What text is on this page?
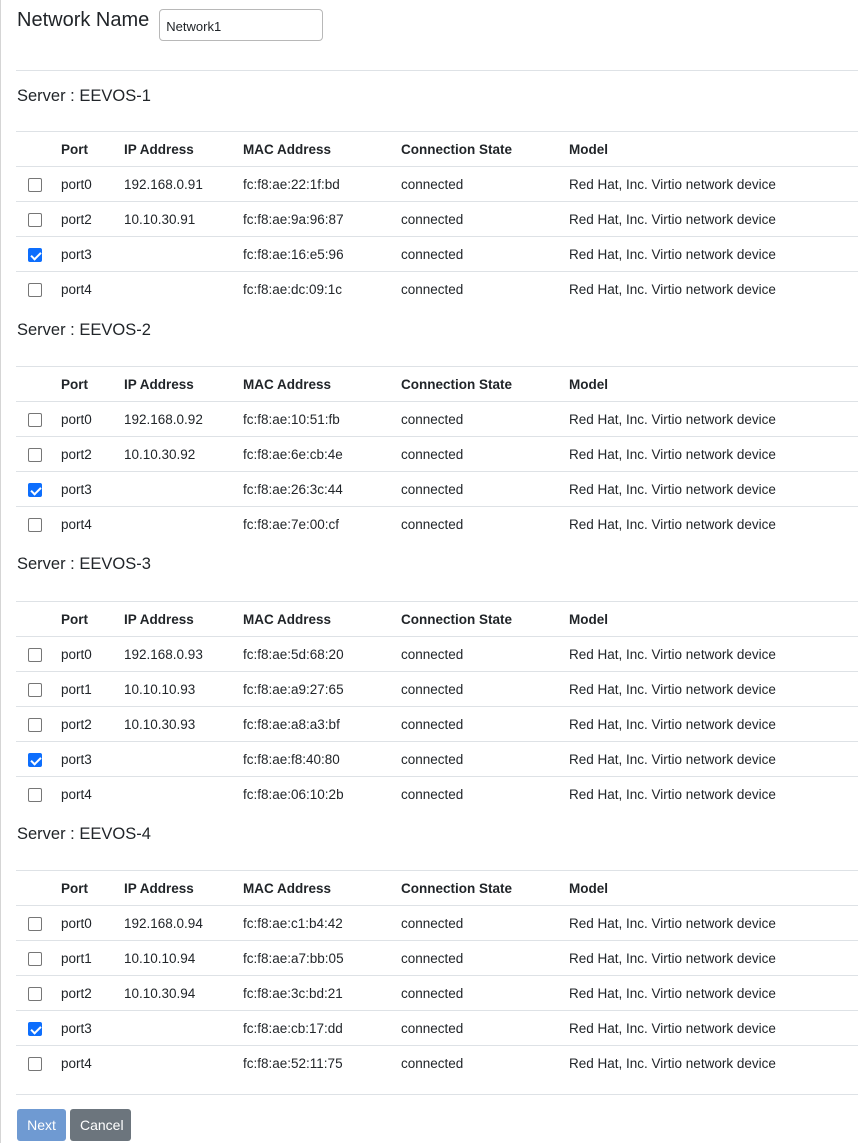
Network Name
Network1
Server : EEVOS-1
	Port	IP Address	MAC Address	Connection State	Model
	port0	192.168.0.91	fc:f8:ae:22:1f:bd	connected	Red Hat, Inc. Virtio network device
	port2	10.10.30.91	fc:f8:ae:9a:96:87	connected	Red Hat, Inc. Virtio network device
	port3		fc:f8:ae:16:e5:96	connected	Red Hat, Inc. Virtio network device
	port4		fc:f8:ae:dc:09:1c	connected	Red Hat, Inc. Virtio network device
Server : EEVOS-2
	Port	IP Address	MAC Address	Connection State	Model
	port0	192.168.0.92	fc:f8:ae:10:51:fb	connected	Red Hat, Inc. Virtio network device
	port2	10.10.30.92	fc:f8:ae:6e:cb:4e	connected	Red Hat, Inc. Virtio network device
	port3		fc:f8:ae:26:3c:44	connected	Red Hat, Inc. Virtio network device
	port4		fc:f8:ae:7e:00:cf	connected	Red Hat, Inc. Virtio network device
Server : EEVOS-3
	Port	IP Address	MAC Address	Connection State	Model
	port0	192.168.0.93	fc:f8:ae:5d:68:20	connected	Red Hat, Inc. Virtio network device
	port1	10.10.10.93	fc:f8:ae:a9:27:65	connected	Red Hat, Inc. Virtio network device
	port2	10.10.30.93	fc:f8:ae:a8:a3:bf	connected	Red Hat, Inc. Virtio network device
	port3		fc:f8:ae:f8:40:80	connected	Red Hat, Inc. Virtio network device
	port4		fc:f8:ae:06:10:2b	connected	Red Hat, Inc. Virtio network device
Server : EEVOS-4
	Port	IP Address	MAC Address	Connection State	Model
	port0	192.168.0.94	fc:f8:ae:c1:b4:42	connected	Red Hat, Inc. Virtio network device
	port1	10.10.10.94	fc:f8:ae:a7:bb:05	connected	Red Hat, Inc. Virtio network device
	port2	10.10.30.94	fc:f8:ae:3c:bd:21	connected	Red Hat, Inc. Virtio network device
	port3		fc:f8:ae:cb:17:dd	connected	Red Hat, Inc. Virtio network device
	port4		fc:f8:ae:52:11:75	connected	Red Hat, Inc. Virtio network device
Next	Cancel
